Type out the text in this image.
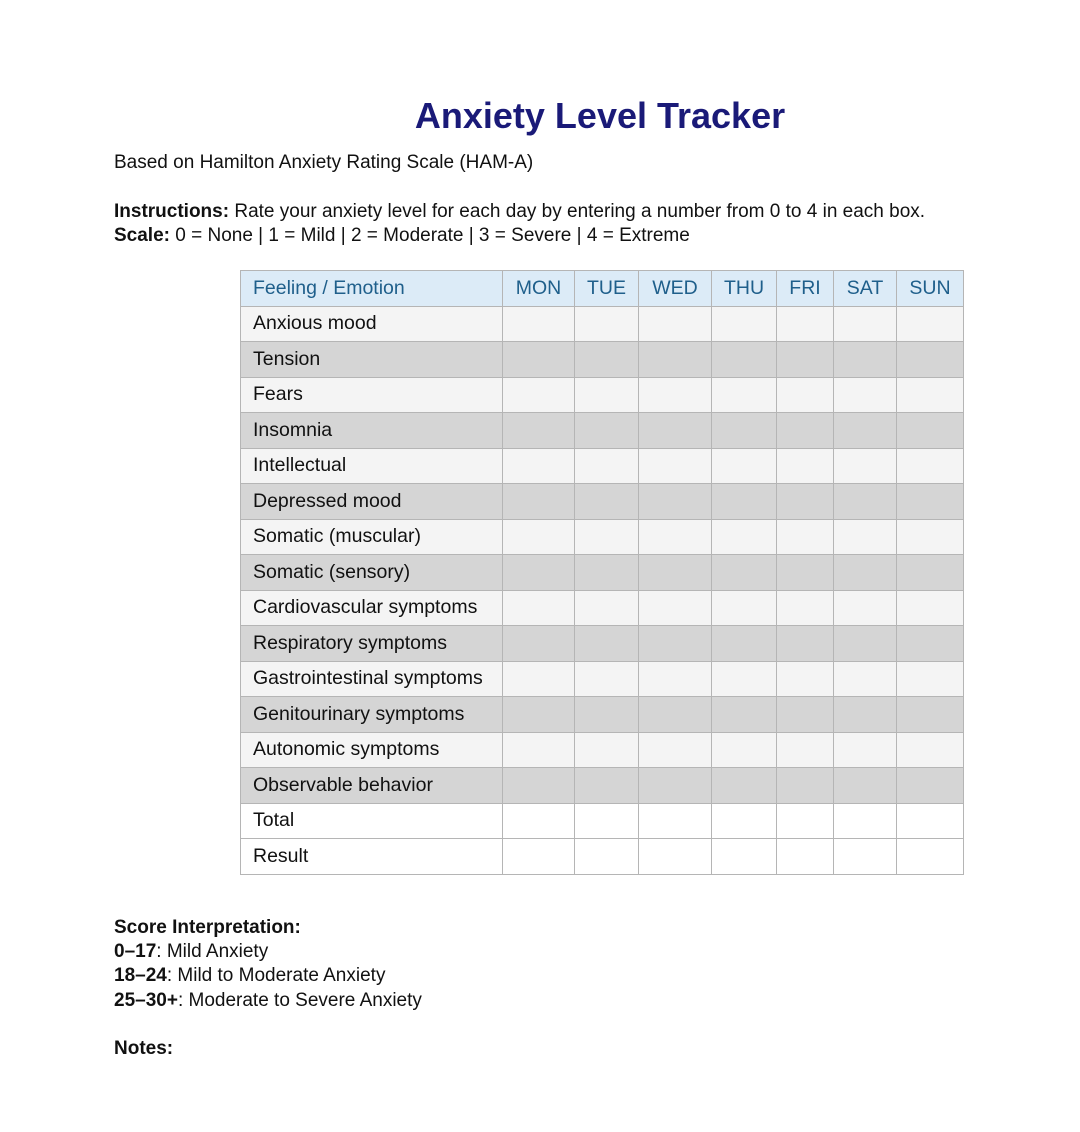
Anxiety Level Tracker
Based on Hamilton Anxiety Rating Scale (HAM-A)
Instructions: Rate your anxiety level for each day by entering a number from 0 to 4 in each box.
Scale: 0 = None | 1 = Mild | 2 = Moderate | 3 = Severe | 4 = Extreme
Feeling / Emotion	MON	TUE	WED	THU	FRI	SAT	SUN
Anxious mood							
Tension							
Fears							
Insomnia							
Intellectual							
Depressed mood							
Somatic (muscular)							
Somatic (sensory)							
Cardiovascular symptoms							
Respiratory symptoms							
Gastrointestinal symptoms							
Genitourinary symptoms							
Autonomic symptoms							
Observable behavior							
Total							
Result							
Score Interpretation:
0–17: Mild Anxiety
18–24: Mild to Moderate Anxiety
25–30+: Moderate to Severe Anxiety
Notes:
